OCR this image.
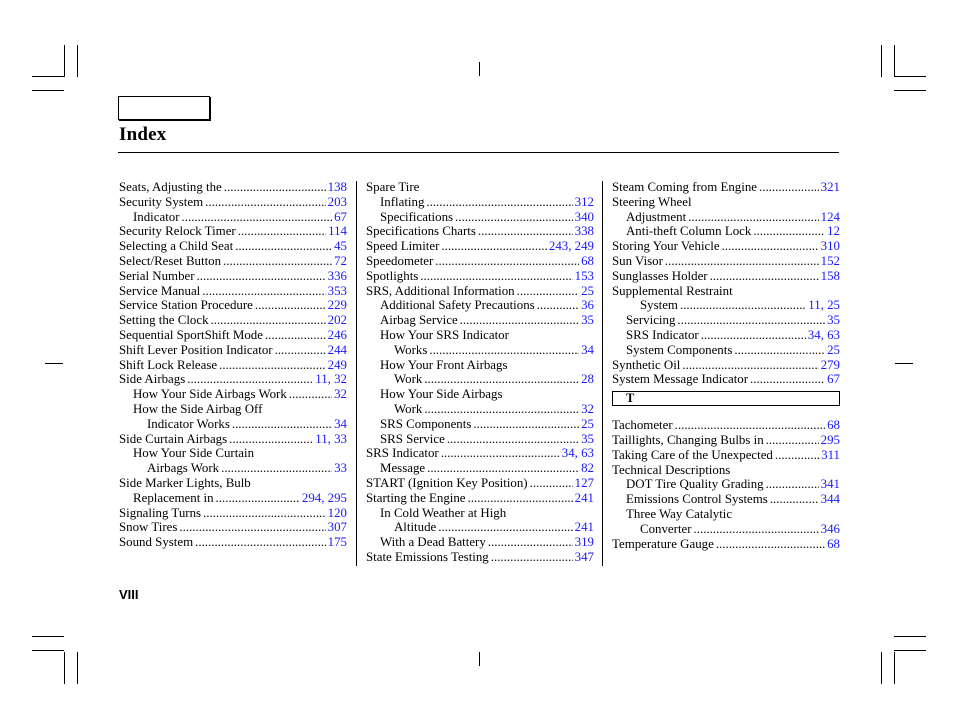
Index
Seats, Adjusting the .....	138
Security System .....	203
Indicator .....	67
Security Relock Timer .....	114
Selecting a Child Seat .....	45
Select/Reset Button .....	72
Serial Number .....	336
Service Manual .....	353
Service Station Procedure .....	229
Setting the Clock .....	202
Sequential SportShift Mode .....	246
Shift Lever Position Indicator .....	244
Shift Lock Release .....	249
Side Airbags .....	11, 32
How Your Side Airbags Work .....	32
How the Side Airbag Off
Indicator Works .....	34
Side Curtain Airbags .....	11, 33
How Your Side Curtain
Airbags Work .....	33
Side Marker Lights, Bulb
Replacement in .....	294, 295
Signaling Turns .....	120
Snow Tires .....	307
Sound System .....	175
Spare Tire
Inflating .....	312
Specifications .....	340
Specifications Charts .....	338
Speed Limiter .....	243, 249
Speedometer .....	68
Spotlights .....	153
SRS, Additional Information .....	25
Additional Safety Precautions .....	36
Airbag Service .....	35
How Your SRS Indicator
Works .....	34
How Your Front Airbags
Work .....	28
How Your Side Airbags
Work .....	32
SRS Components .....	25
SRS Service .....	35
SRS Indicator .....	34, 63
Message .....	82
START (Ignition Key Position) .....	127
Starting the Engine .....	241
In Cold Weather at High
Altitude .....	241
With a Dead Battery .....	319
State Emissions Testing .....	347
Steam Coming from Engine .....	321
Steering Wheel
Adjustment .....	124
Anti-theft Column Lock .....	12
Storing Your Vehicle .....	310
Sun Visor .....	152
Sunglasses Holder .....	158
Supplemental Restraint
System .....	11, 25
Servicing .....	35
SRS Indicator .....	34, 63
System Components .....	25
Synthetic Oil .....	279
System Message Indicator .....	67
T
Tachometer .....	68
Taillights, Changing Bulbs in .....	295
Taking Care of the Unexpected .....	311
Technical Descriptions
DOT Tire Quality Grading .....	341
Emissions Control Systems .....	344
Three Way Catalytic
Converter .....	346
Temperature Gauge .....	68
VIII
